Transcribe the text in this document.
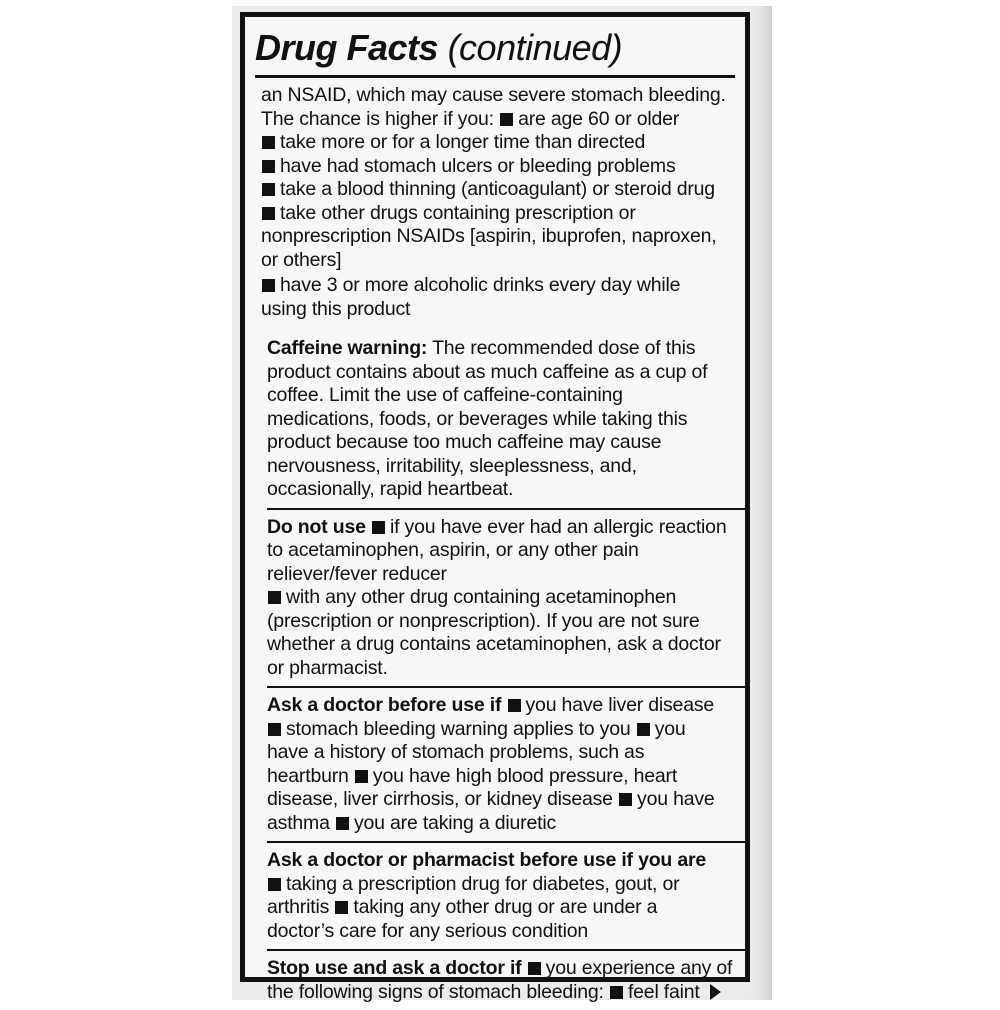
Drug Facts (continued)
an NSAID, which may cause severe stomach bleeding.
The chance is higher if you: are age 60 or older
take more or for a longer time than directed
have had stomach ulcers or bleeding problems
take a blood thinning (anticoagulant) or steroid drug
take other drugs containing prescription or
nonprescription NSAIDs [aspirin, ibuprofen, naproxen,
or others]
have 3 or more alcoholic drinks every day while
using this product
Caffeine warning: The recommended dose of this
product contains about as much caffeine as a cup of
coffee. Limit the use of caffeine-containing
medications, foods, or beverages while taking this
product because too much caffeine may cause
nervousness, irritability, sleeplessness, and,
occasionally, rapid heartbeat.
Do not use if you have ever had an allergic reaction
to acetaminophen, aspirin, or any other pain
reliever/fever reducer
with any other drug containing acetaminophen
(prescription or nonprescription). If you are not sure
whether a drug contains acetaminophen, ask a doctor
or pharmacist.
Ask a doctor before use if you have liver disease
stomach bleeding warning applies to you you
have a history of stomach problems, such as
heartburn you have high blood pressure, heart
disease, liver cirrhosis, or kidney disease you have
asthma you are taking a diuretic
Ask a doctor or pharmacist before use if you are
taking a prescription drug for diabetes, gout, or
arthritis taking any other drug or are under a
doctor’s care for any serious condition
Stop use and ask a doctor if you experience any of
the following signs of stomach bleeding: feel faint
